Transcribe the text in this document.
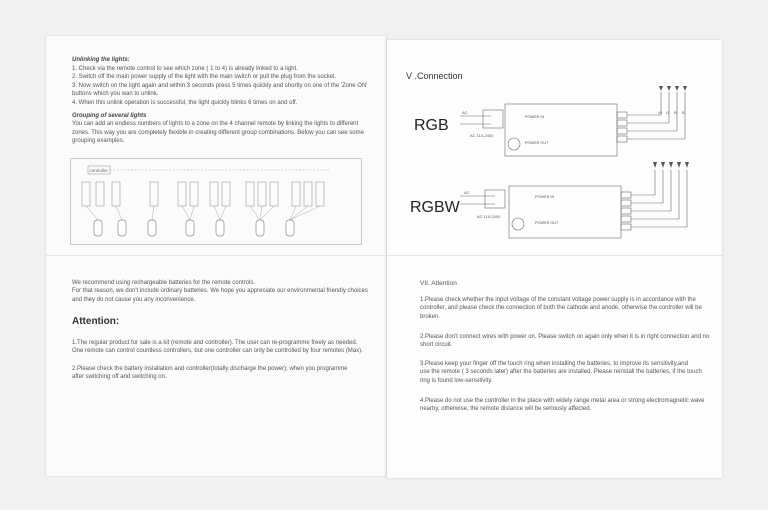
Unlinking the lights:
1. Check via the remote control to see which zone ( 1 to 4) is already linked to a light.
2. Switch off the main power supply of the light with the main switch or pull the plug from the socket.
3. Now switch on the light again and within 3 seconds press 5 times quickly and shortly on one of the 'Zone ON'
buttons which you wan to unlink.
4. When this unlink operation is successful, the light quickly blinks 6 times on and off.
Grouping of several lights
You can add an endless numbers of lights to a zone on the 4 channel remote by linking the lights to different
zones. This way you are completely flexible in creating different group combinations. Below you can see some
grouping examples.
controller
We recommend using rechargeable batteries for the remote controls.
For that reason, we don't include ordinary batteries. We hope you appreciate our environmental friendly choices
and they do not cause you any inconvenience.
Attention:
1.The regular product for sale is a kit (remote and controller). The user can re-programme freely as needed.
One remote can control countless controllers, but one controller can only be controlled by four remotes (Max).
2.Please check the battery installation and controller(totally discharge the power), when you programme
after switching off and switching on.
V .Connection
RGB
RGBW
AC
AC 110-240V
POWER IN
POWER OUT
V+ G R B
AC
AC 110-240V
POWER IN
POWER OUT
VII. Attention
1.Please check whether the input voltage of the constant voltage power supply is in accordance with the
controller, and please check the connection of both the cathode and anode, otherwise the controller will be
broken.
2.Please don't connect wires with power on. Please switch on again only when it is in right connection and no
short circuit.
3.Please keep your finger off the touch ring when installing the batteries, to improve its sensitivity,and
use the remote ( 3 seconds later) after the batteries are installed. Please reinstall the batteries, if the touch
ring is found low-sensitivity.
4.Please do not use the controller in the place with widely range metal area or strong electromagnetic wave
nearby, otherwise, the remote distance will be seriously affected.
